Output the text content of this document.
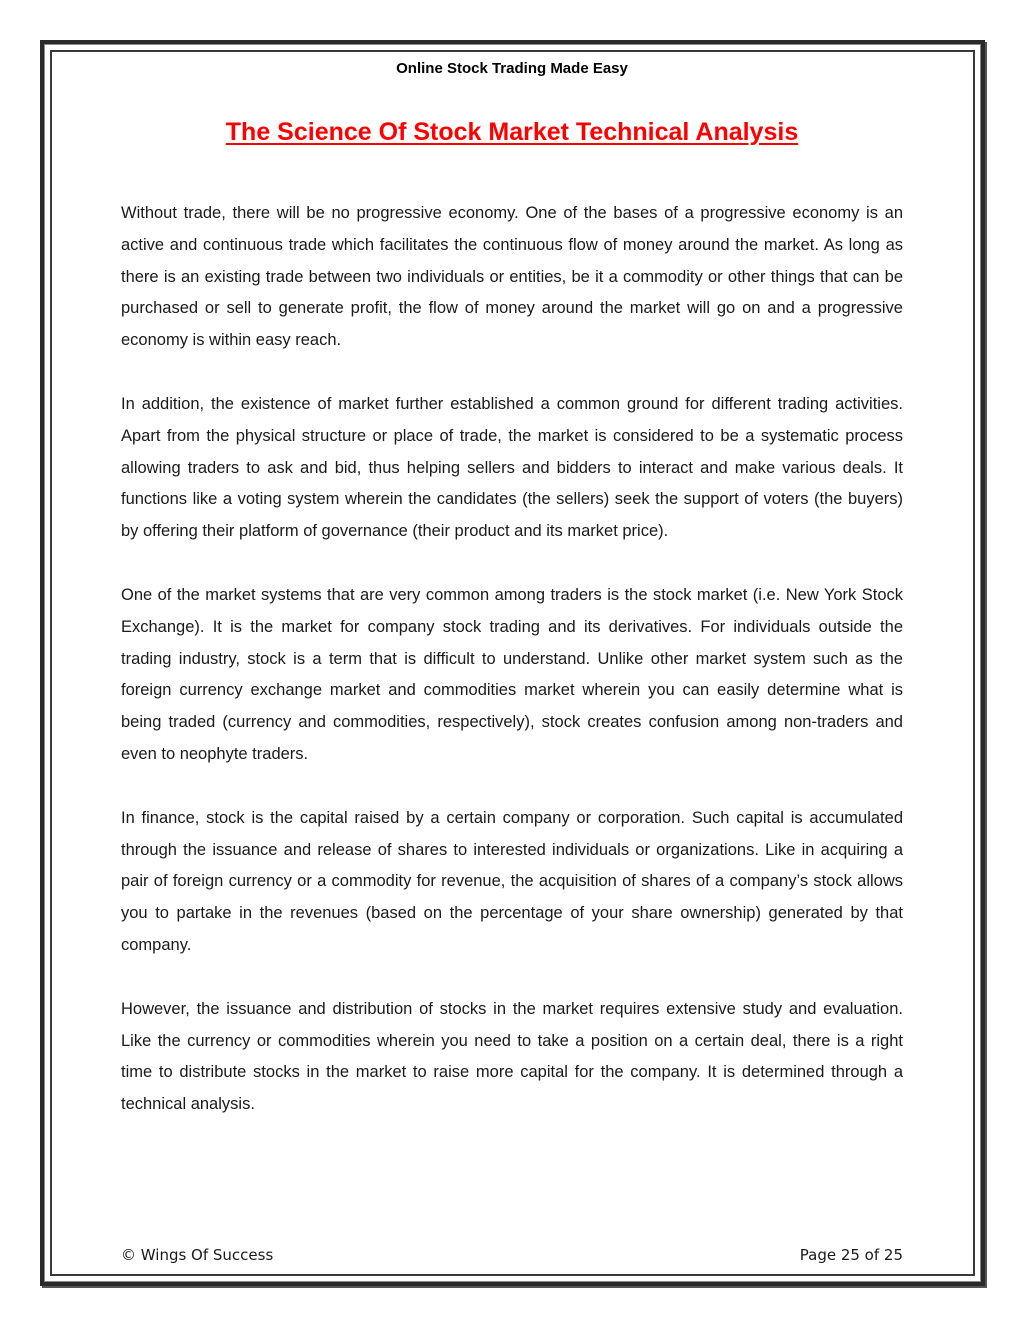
Online Stock Trading Made Easy
The Science Of Stock Market Technical Analysis

Without trade, there will be no progressive economy. One of the bases of a progressive economy is an active and continuous trade which facilitates the continuous flow of money around the market. As long as there is an existing trade between two individuals or entities, be it a commodity or other things that can be purchased or sell to generate profit, the flow of money around the market will go on and a progressive economy is within easy reach.

In addition, the existence of market further established a common ground for different trading activities. Apart from the physical structure or place of trade, the market is considered to be a systematic process allowing traders to ask and bid, thus helping sellers and bidders to interact and make various deals. It functions like a voting system wherein the candidates (the sellers) seek the support of voters (the buyers) by offering their platform of governance (their product and its market price).

One of the market systems that are very common among traders is the stock market (i.e. New York Stock Exchange). It is the market for company stock trading and its derivatives. For individuals outside the trading industry, stock is a term that is difficult to understand. Unlike other market system such as the foreign currency exchange market and commodities market wherein you can easily determine what is being traded (currency and commodities, respectively), stock creates confusion among non-traders and even to neophyte traders.

In finance, stock is the capital raised by a certain company or corporation. Such capital is accumulated through the issuance and release of shares to interested individuals or organizations. Like in acquiring a pair of foreign currency or a commodity for revenue, the acquisition of shares of a company’s stock allows you to partake in the revenues (based on the percentage of your share ownership) generated by that company.

However, the issuance and distribution of stocks in the market requires extensive study and evaluation. Like the currency or commodities wherein you need to take a position on a certain deal, there is a right time to distribute stocks in the market to raise more capital for the company. It is determined through a technical analysis.

© Wings Of Success	Page 25 of 25
